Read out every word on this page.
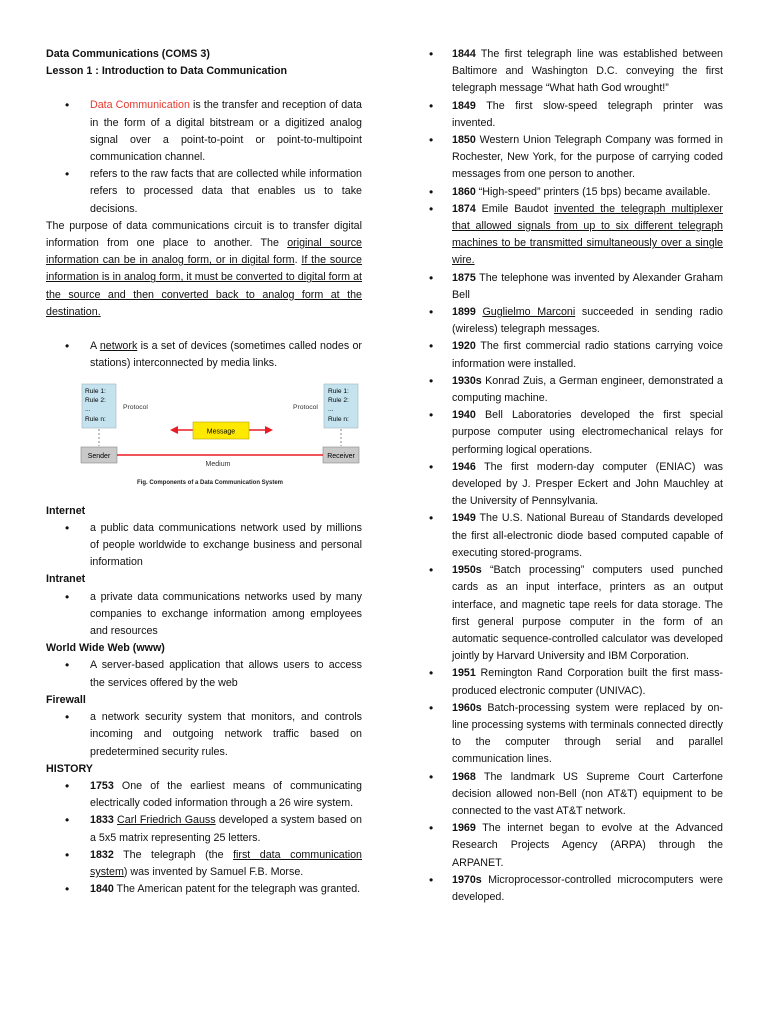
Data Communications (COMS 3)
Lesson 1 : Introduction to Data Communication
• Data Communication is the transfer and reception of data in the form of a digital bitstream or a digitized analog signal over a point-to-point or point-to-multipoint communication channel.
• refers to the raw facts that are collected while information refers to processed data that enables us to take decisions.
The purpose of data communications circuit is to transfer digital information from one place to another. The original source information can be in analog form, or in digital form. If the source information is in analog form, it must be converted to digital form at the source and then converted back to analog form at the destination.
• A network is a set of devices (sometimes called nodes or stations) interconnected by media links.
Rule 1:
Rule 2:
...
Rule n:
Rule 1:
Rule 2:
...
Rule n:
Protocol	Protocol
Message
Sender	Receiver
Medium
Fig. Components of a Data Communication System
Internet
• a public data communications network used by millions of people worldwide to exchange business and personal information
Intranet
• a private data communications networks used by many companies to exchange information among employees and resources
World Wide Web (www)
• A server-based application that allows users to access the services offered by the web
Firewall
• a network security system that monitors, and controls incoming and outgoing network traffic based on predetermined security rules.
HISTORY
• 1753 One of the earliest means of communicating electrically coded information through a 26 wire system.
• 1833 Carl Friedrich Gauss developed a system based on a 5x5 matrix representing 25 letters.
• 1832 The telegraph (the first data communication system) was invented by Samuel F.B. Morse.
• 1840 The American patent for the telegraph was granted.
• 1844 The first telegraph line was established between Baltimore and Washington D.C. conveying the first telegraph message “What hath God wrought!”
• 1849 The first slow-speed telegraph printer was invented.
• 1850 Western Union Telegraph Company was formed in Rochester, New York, for the purpose of carrying coded messages from one person to another.
• 1860 “High-speed” printers (15 bps) became available.
• 1874 Emile Baudot invented the telegraph multiplexer that allowed signals from up to six different telegraph machines to be transmitted simultaneously over a single wire.
• 1875 The telephone was invented by Alexander Graham Bell
• 1899 Guglielmo Marconi succeeded in sending radio (wireless) telegraph messages.
• 1920 The first commercial radio stations carrying voice information were installed.
• 1930s Konrad Zuis, a German engineer, demonstrated a computing machine.
• 1940 Bell Laboratories developed the first special purpose computer using electromechanical relays for performing logical operations.
• 1946 The first modern-day computer (ENIAC) was developed by J. Presper Eckert and John Mauchley at the University of Pennsylvania.
• 1949 The U.S. National Bureau of Standards developed the first all-electronic diode based computed capable of executing stored-programs.
• 1950s “Batch processing” computers used punched cards as an input interface, printers as an output interface, and magnetic tape reels for data storage. The first general purpose computer in the form of an automatic sequence-controlled calculator was developed jointly by Harvard University and IBM Corporation.
• 1951 Remington Rand Corporation built the first mass- produced electronic computer (UNIVAC).
• 1960s Batch-processing system were replaced by on-line processing systems with terminals connected directly to the computer through serial and parallel communication lines.
• 1968 The landmark US Supreme Court Carterfone decision allowed non-Bell (non AT&T) equipment to be connected to the vast AT&T network.
• 1969 The internet began to evolve at the Advanced Research Projects Agency (ARPA) through the ARPANET.
• 1970s Microprocessor-controlled microcomputers were developed.
